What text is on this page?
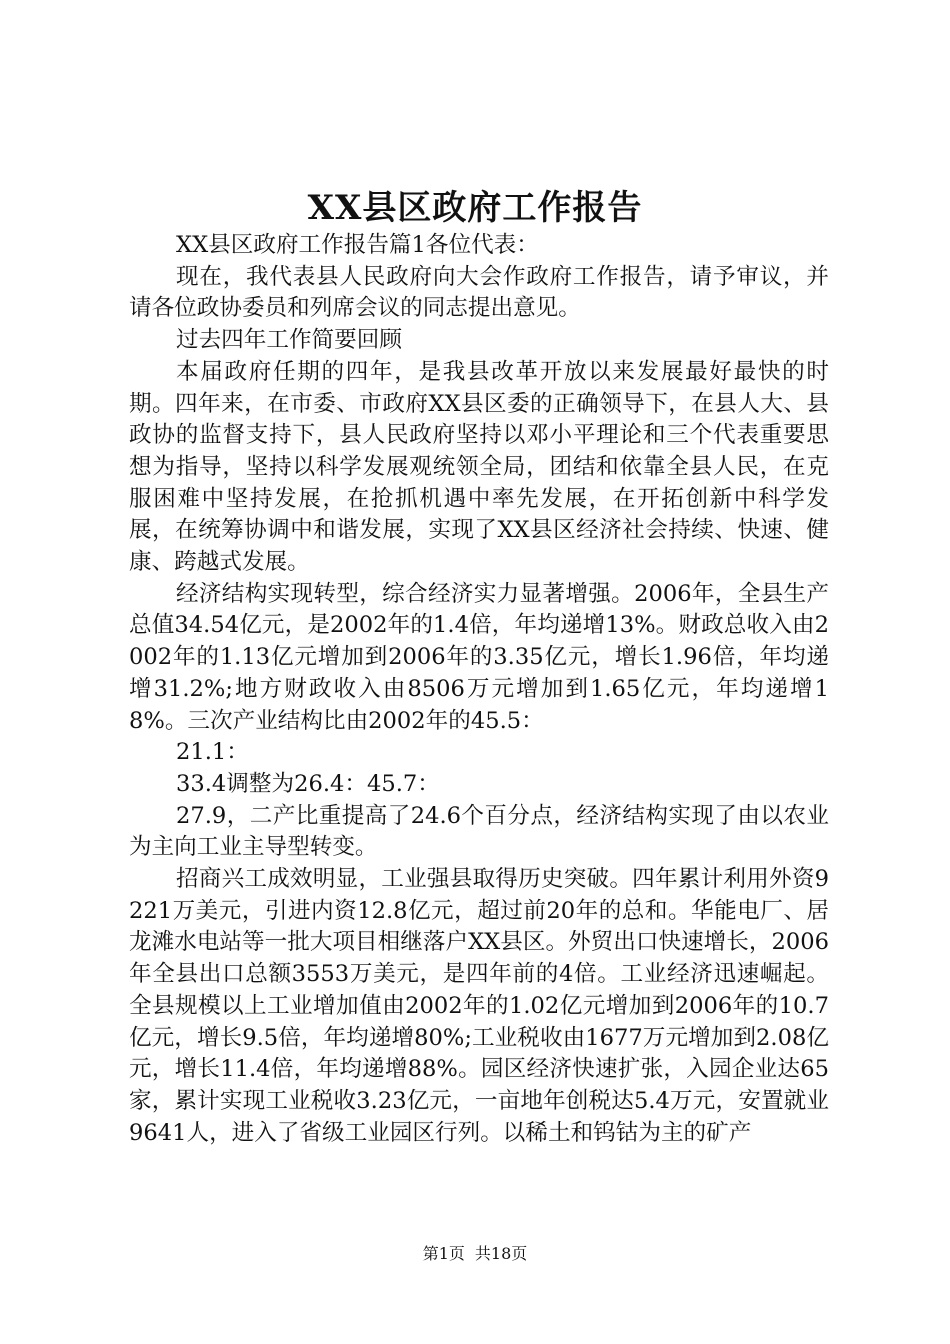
XX县区政府工作报告

XX县区政府工作报告篇1各位代表：

现在，我代表县人民政府向大会作政府工作报告，请予审议，并请各位政协委员和列席会议的同志提出意见。

过去四年工作简要回顾

本届政府任期的四年，是我县改革开放以来发展最好最快的时期。四年来，在市委、市政府XX县区委的正确领导下，在县人大、县政协的监督支持下，县人民政府坚持以邓小平理论和三个代表重要思想为指导，坚持以科学发展观统领全局，团结和依靠全县人民，在克服困难中坚持发展，在抢抓机遇中率先发展，在开拓创新中科学发展，在统筹协调中和谐发展，实现了XX县区经济社会持续、快速、健康、跨越式发展。

经济结构实现转型，综合经济实力显著增强。2006年，全县生产总值34.54亿元，是2002年的1.4倍，年均递增13%。财政总收入由2002年的1.13亿元增加到2006年的3.35亿元，增长1.96倍，年均递增31.2%;地方财政收入由8506万元增加到1.65亿元，年均递增18%。三次产业结构比由2002年的45.5：

21.1：

33.4调整为26.4：45.7：

27.9，二产比重提高了24.6个百分点，经济结构实现了由以农业为主向工业主导型转变。

招商兴工成效明显，工业强县取得历史突破。四年累计利用外资9221万美元，引进内资12.8亿元，超过前20年的总和。华能电厂、居龙滩水电站等一批大项目相继落户XX县区。外贸出口快速增长，2006年全县出口总额3553万美元，是四年前的4倍。工业经济迅速崛起。全县规模以上工业增加值由2002年的1.02亿元增加到2006年的10.7亿元，增长9.5倍，年均递增80%;工业税收由1677万元增加到2.08亿元，增长11.4倍，年均递增88%。园区经济快速扩张，入园企业达65家，累计实现工业税收3.23亿元，一亩地年创税达5.4万元，安置就业9641人，进入了省级工业园区行列。以稀土和钨钴为主的矿产

第1页 共18页
